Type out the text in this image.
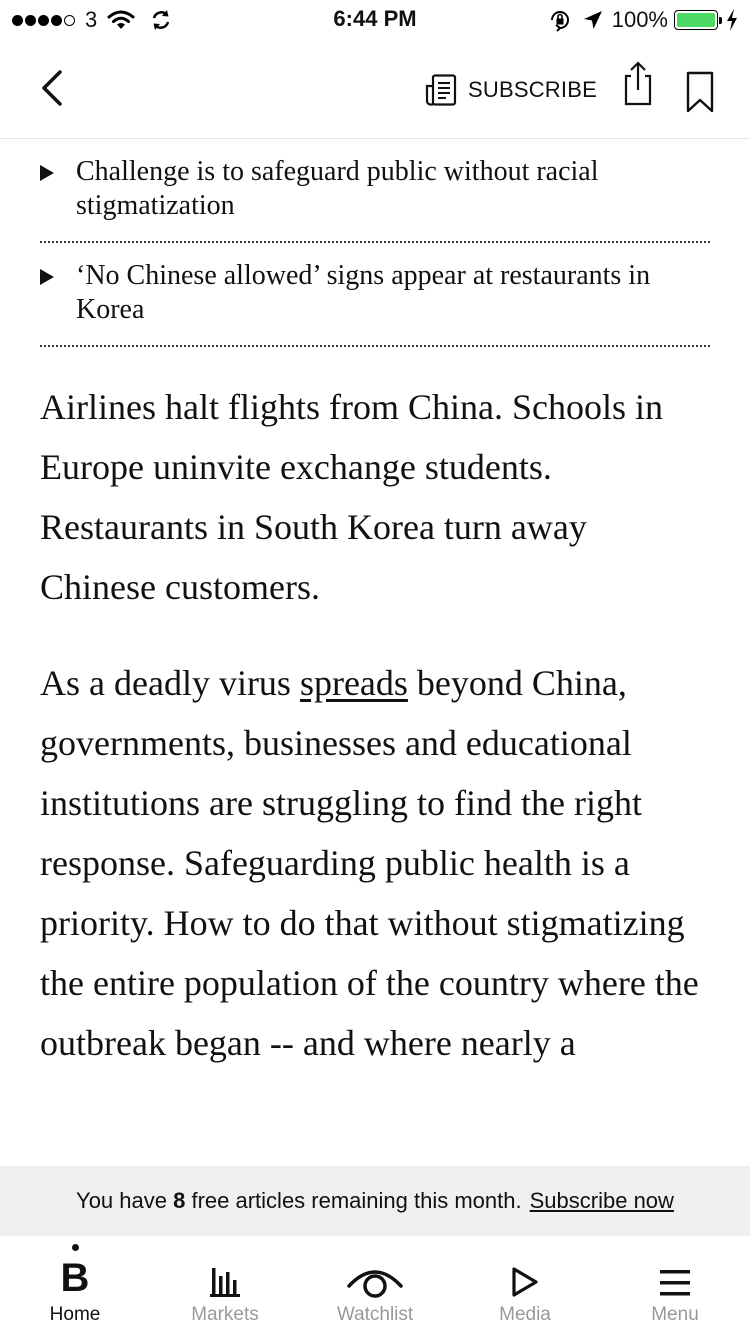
3	6:44 PM	100%
SUBSCRIBE
Challenge is to safeguard public without racial stigmatization
‘No Chinese allowed’ signs appear at restaurants in Korea

Airlines halt flights from China. Schools in Europe uninvite exchange students. Restaurants in South Korea turn away Chinese customers.

As a deadly virus spreads beyond China, governments, businesses and educational institutions are struggling to find the right response. Safeguarding public health is a priority. How to do that without stigmatizing the entire population of the country where the outbreak began -- and where nearly a

You have 8 free articles remaining this month. Subscribe now
B
Home	Markets	Watchlist	Media	Menu
